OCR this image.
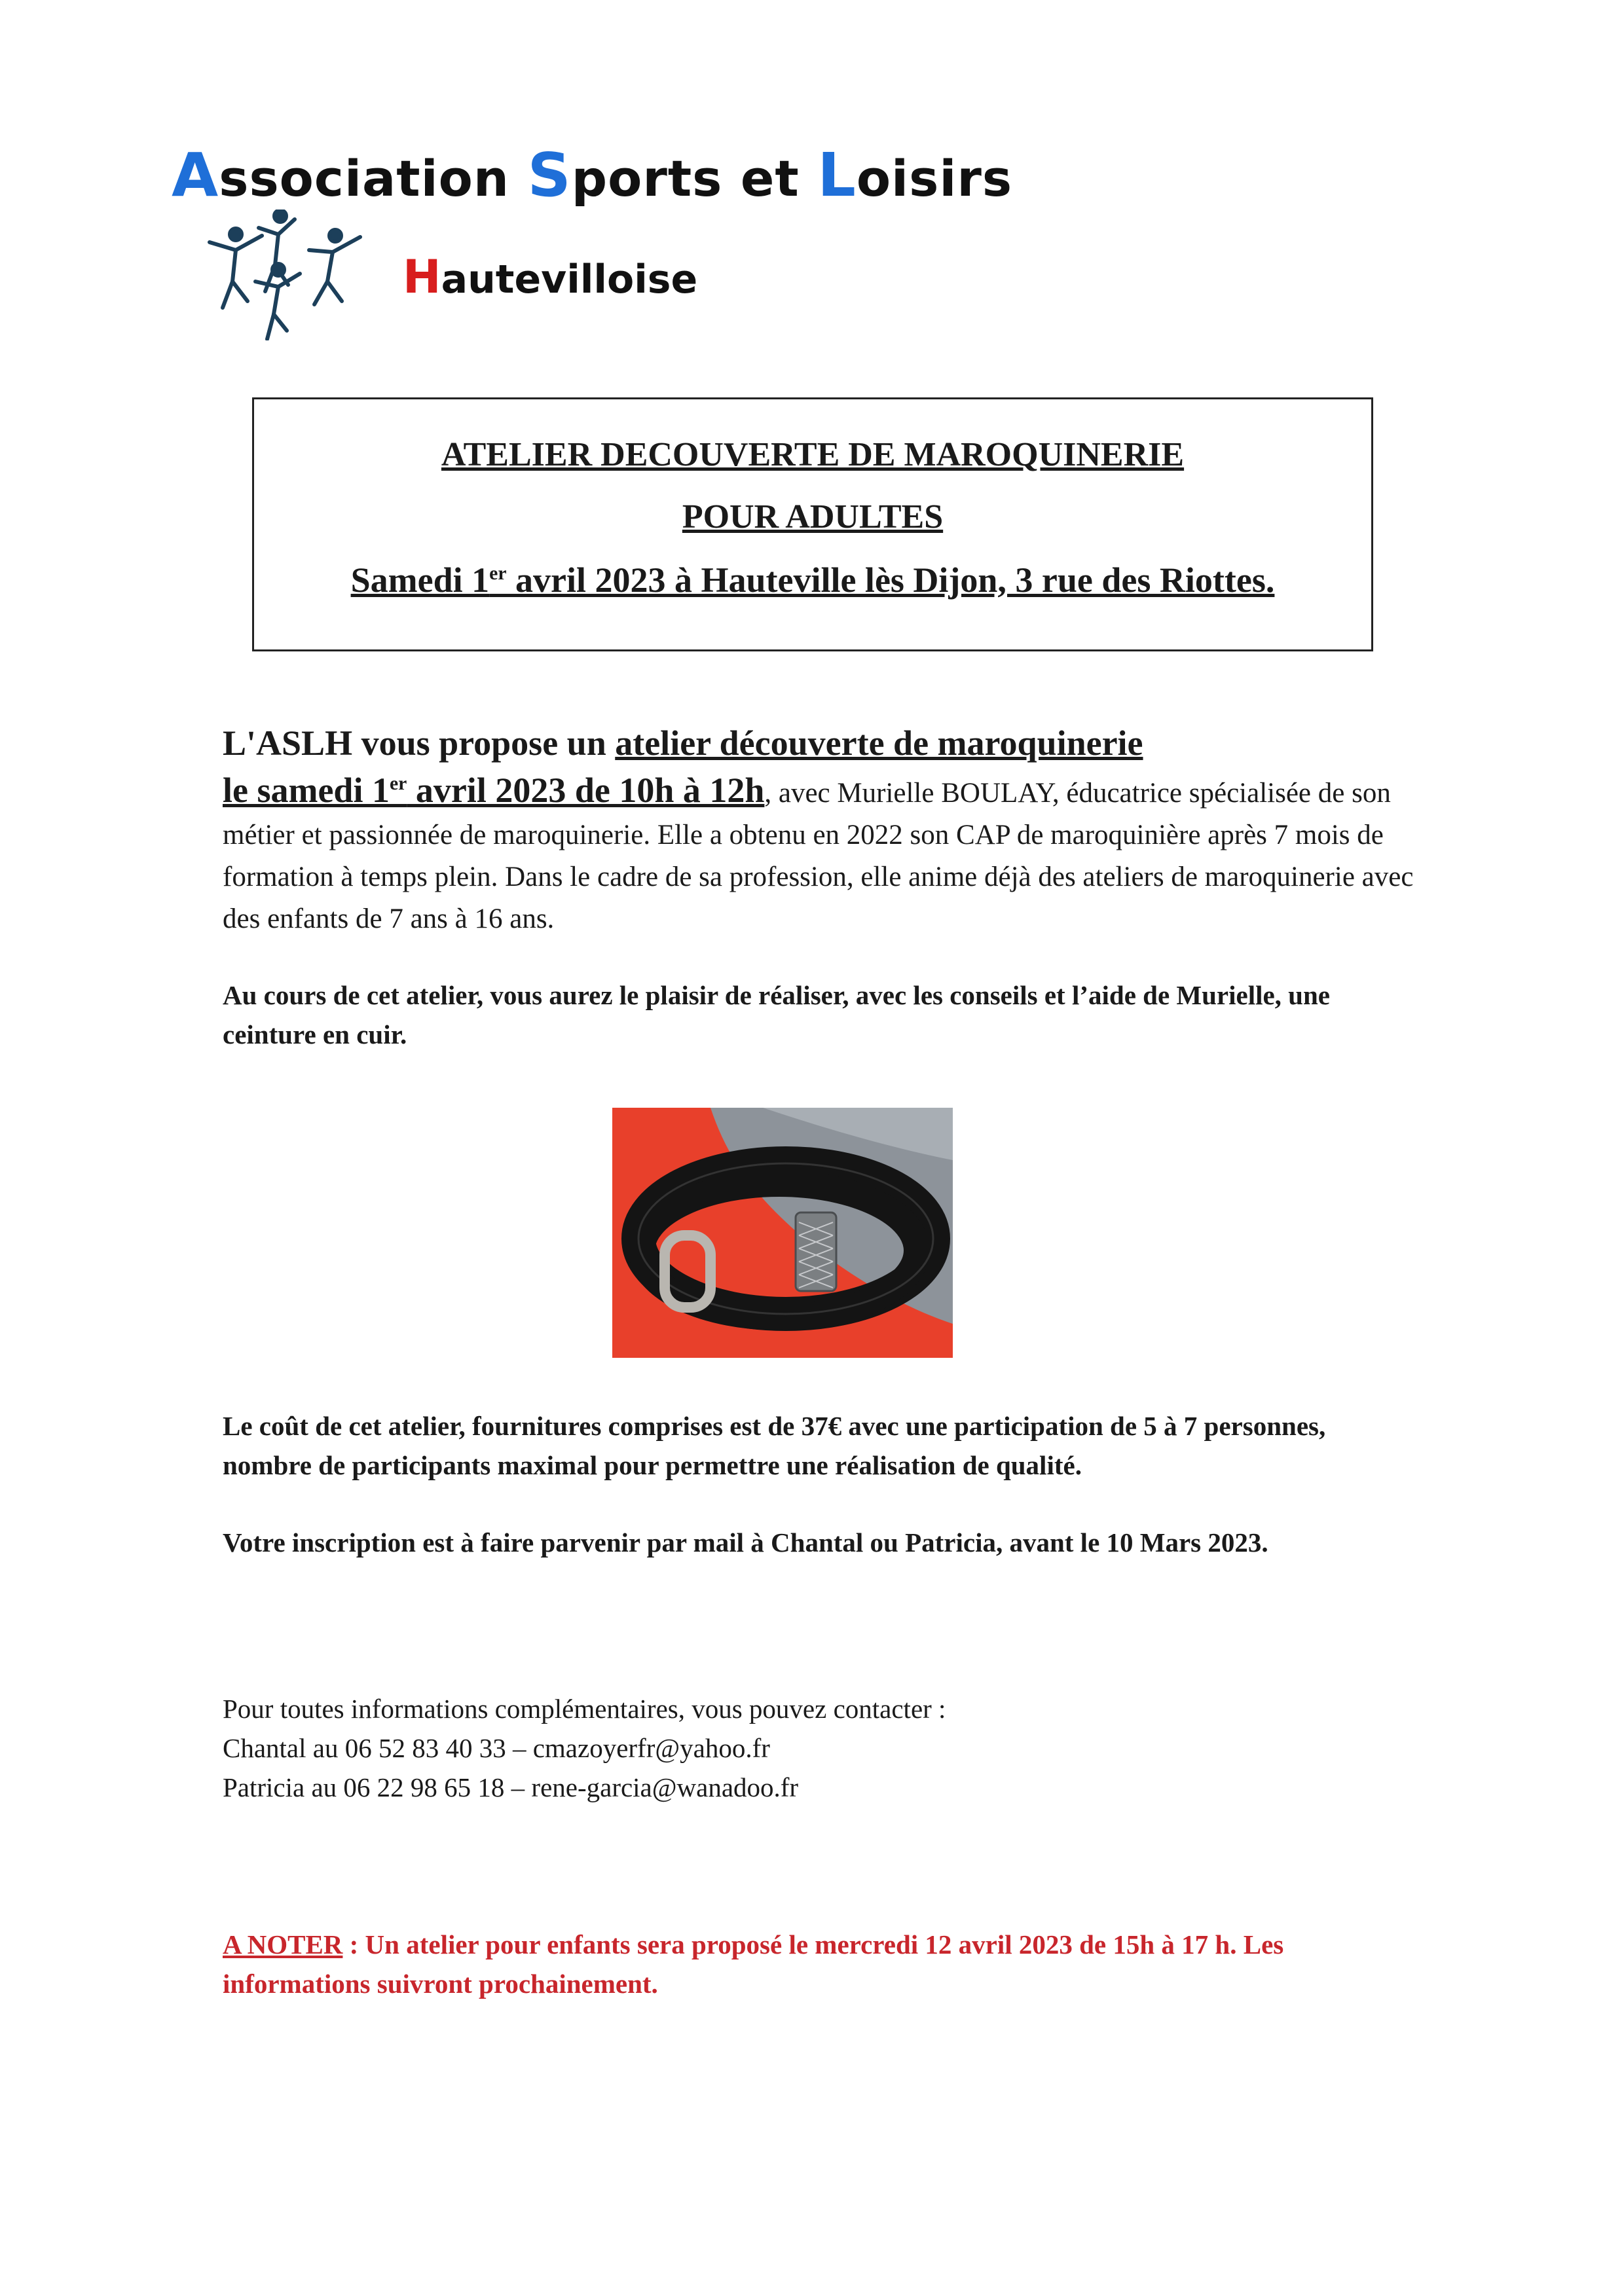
Association Sports et Loisirs
Hautevilloise
ATELIER DECOUVERTE DE MAROQUINERIE
POUR ADULTES
Samedi 1er avril 2023 à Hauteville lès Dijon, 3 rue des Riottes.
L'ASLH vous propose un atelier découverte de maroquinerie
le samedi 1er avril 2023 de 10h à 12h, avec Murielle BOULAY, éducatrice spécialisée de son métier et passionnée de maroquinerie. Elle a obtenu en 2022 son CAP de maroquinière après 7 mois de formation à temps plein. Dans le cadre de sa profession, elle anime déjà des ateliers de maroquinerie avec des enfants de 7 ans à 16 ans.
Au cours de cet atelier, vous aurez le plaisir de réaliser, avec les conseils et l’aide de Murielle, une ceinture en cuir.
Le coût de cet atelier, fournitures comprises est de 37€ avec une participation de 5 à 7 personnes, nombre de participants maximal pour permettre une réalisation de qualité.
Votre inscription est à faire parvenir par mail à Chantal ou Patricia, avant le 10 Mars 2023.
Pour toutes informations complémentaires, vous pouvez contacter :
Chantal au 06 52 83 40 33 – cmazoyerfr@yahoo.fr
Patricia au 06 22 98 65 18 – rene-garcia@wanadoo.fr
A NOTER : Un atelier pour enfants sera proposé le mercredi 12 avril 2023 de 15h à 17 h. Les informations suivront prochainement.
